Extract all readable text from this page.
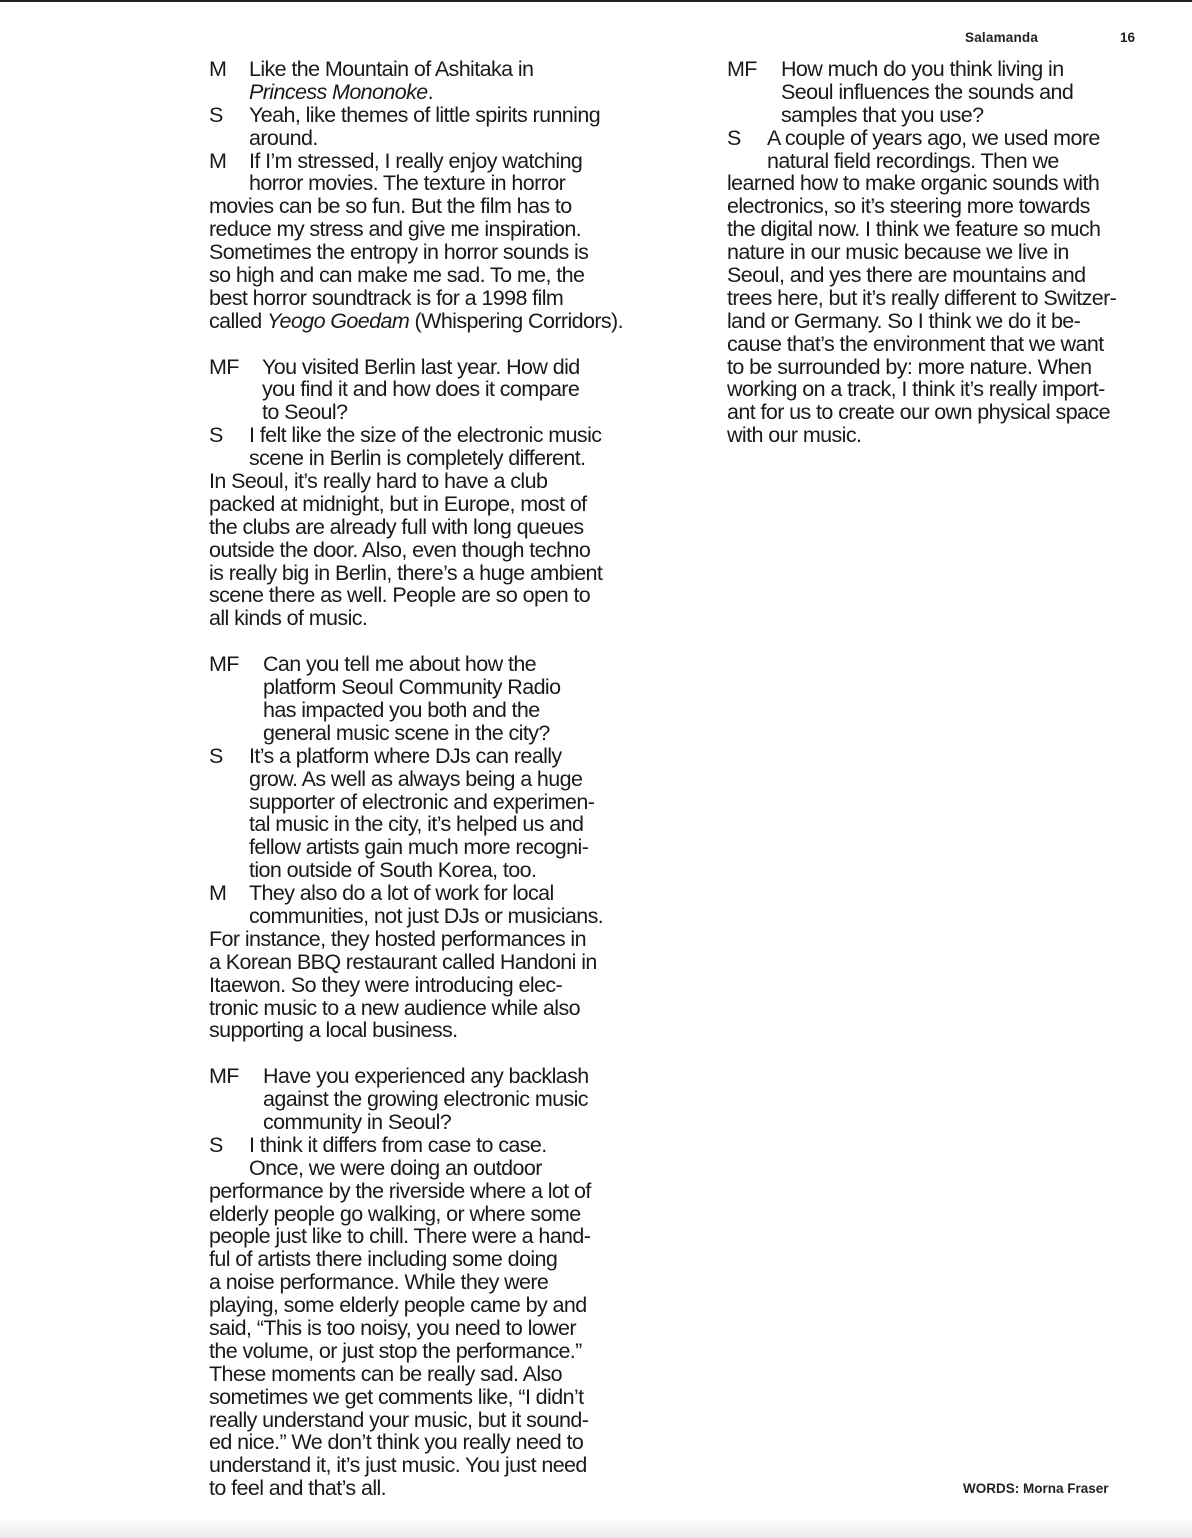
Salamanda	16
M Like the Mountain of Ashitaka in
Princess Mononoke.
S Yeah, like themes of little spirits running
around.
M If I’m stressed, I really enjoy watching
horror movies. The texture in horror
movies can be so fun. But the film has to
reduce my stress and give me inspiration.
Sometimes the entropy in horror sounds is
so high and can make me sad. To me, the
best horror soundtrack is for a 1998 film
called Yeogo Goedam (Whispering Corridors).
MF You visited Berlin last year. How did
you find it and how does it compare
to Seoul?
S I felt like the size of the electronic music
scene in Berlin is completely different.
In Seoul, it’s really hard to have a club
packed at midnight, but in Europe, most of
the clubs are already full with long queues
outside the door. Also, even though techno
is really big in Berlin, there’s a huge ambient
scene there as well. People are so open to
all kinds of music.
MF Can you tell me about how the
platform Seoul Community Radio
has impacted you both and the
general music scene in the city?
S It’s a platform where DJs can really
grow. As well as always being a huge
supporter of electronic and experimen-
tal music in the city, it’s helped us and
fellow artists gain much more recogni-
tion outside of South Korea, too.
M They also do a lot of work for local
communities, not just DJs or musicians.
For instance, they hosted performances in
a Korean BBQ restaurant called Handoni in
Itaewon. So they were introducing elec-
tronic music to a new audience while also
supporting a local business.
MF Have you experienced any backlash
against the growing electronic music
community in Seoul?
S I think it differs from case to case.
Once, we were doing an outdoor
performance by the riverside where a lot of
elderly people go walking, or where some
people just like to chill. There were a hand-
ful of artists there including some doing
a noise performance. While they were
playing, some elderly people came by and
said, “This is too noisy, you need to lower
the volume, or just stop the performance.”
These moments can be really sad. Also
sometimes we get comments like, “I didn’t
really understand your music, but it sound-
ed nice.” We don’t think you really need to
understand it, it’s just music. You just need
to feel and that’s all.
MF How much do you think living in
Seoul influences the sounds and
samples that you use?
S A couple of years ago, we used more
natural field recordings. Then we
learned how to make organic sounds with
electronics, so it’s steering more towards
the digital now. I think we feature so much
nature in our music because we live in
Seoul, and yes there are mountains and
trees here, but it’s really different to Switzer-
land or Germany. So I think we do it be-
cause that’s the environment that we want
to be surrounded by: more nature. When
working on a track, I think it’s really import-
ant for us to create our own physical space
with our music.
WORDS: Morna Fraser
